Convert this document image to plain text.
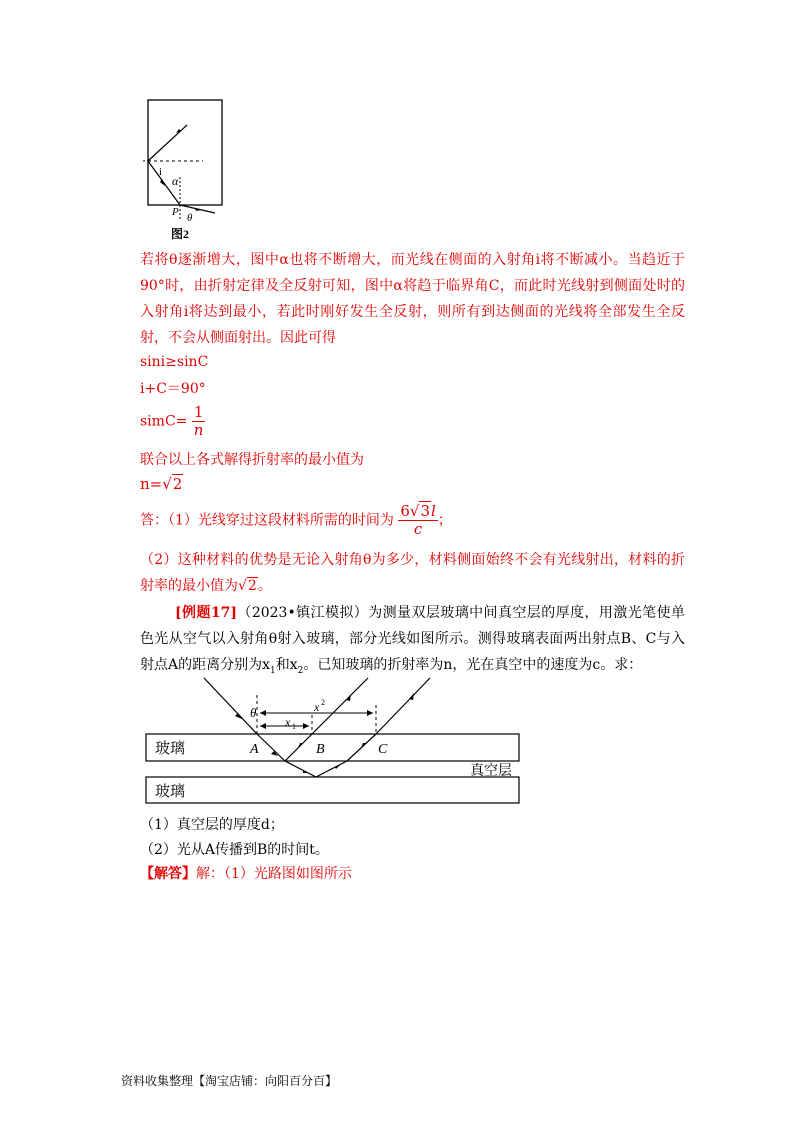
i
α
P θ
图2
若将θ逐渐增大，图中α也将不断增大，而光线在侧面的入射角i将不断减小。当趋近于90°时，由折射定律及全反射可知，图中α将趋于临界角C，而此时光线射到侧面处时的入射角i将达到最小，若此时刚好发生全反射，则所有到达侧面的光线将全部发生全反射，不会从侧面射出。因此可得
sini≥sinC
i+C＝90°
simC= $\frac{1}{n}$
联合以上各式解得折射率的最小值为
n=√2
答：（1）光线穿过这段材料所需的时间为 $\frac{6√3l}{c}$ ；
（2）这种材料的优势是无论入射角θ为多少，材料侧面始终不会有光线射出，材料的折射率的最小值为√2。
[例题17]（2023•镇江模拟）为测量双层玻璃中间真空层的厚度，用激光笔使单色光从空气以入射角θ射入玻璃，部分光线如图所示。测得玻璃表面两出射点B、C与入射点A的距离分别为$x_1$和$x_2$。已知玻璃的折射率为n，光在真空中的速度为c。求：
θ
x 1
x 2
玻璃	A	B	C
真空层
玻璃
（1）真空层的厚度d；
（2）光从A传播到B的时间t。
【解答】解：（1）光路图如图所示
资料收集整理【淘宝店铺：向阳百分百】
